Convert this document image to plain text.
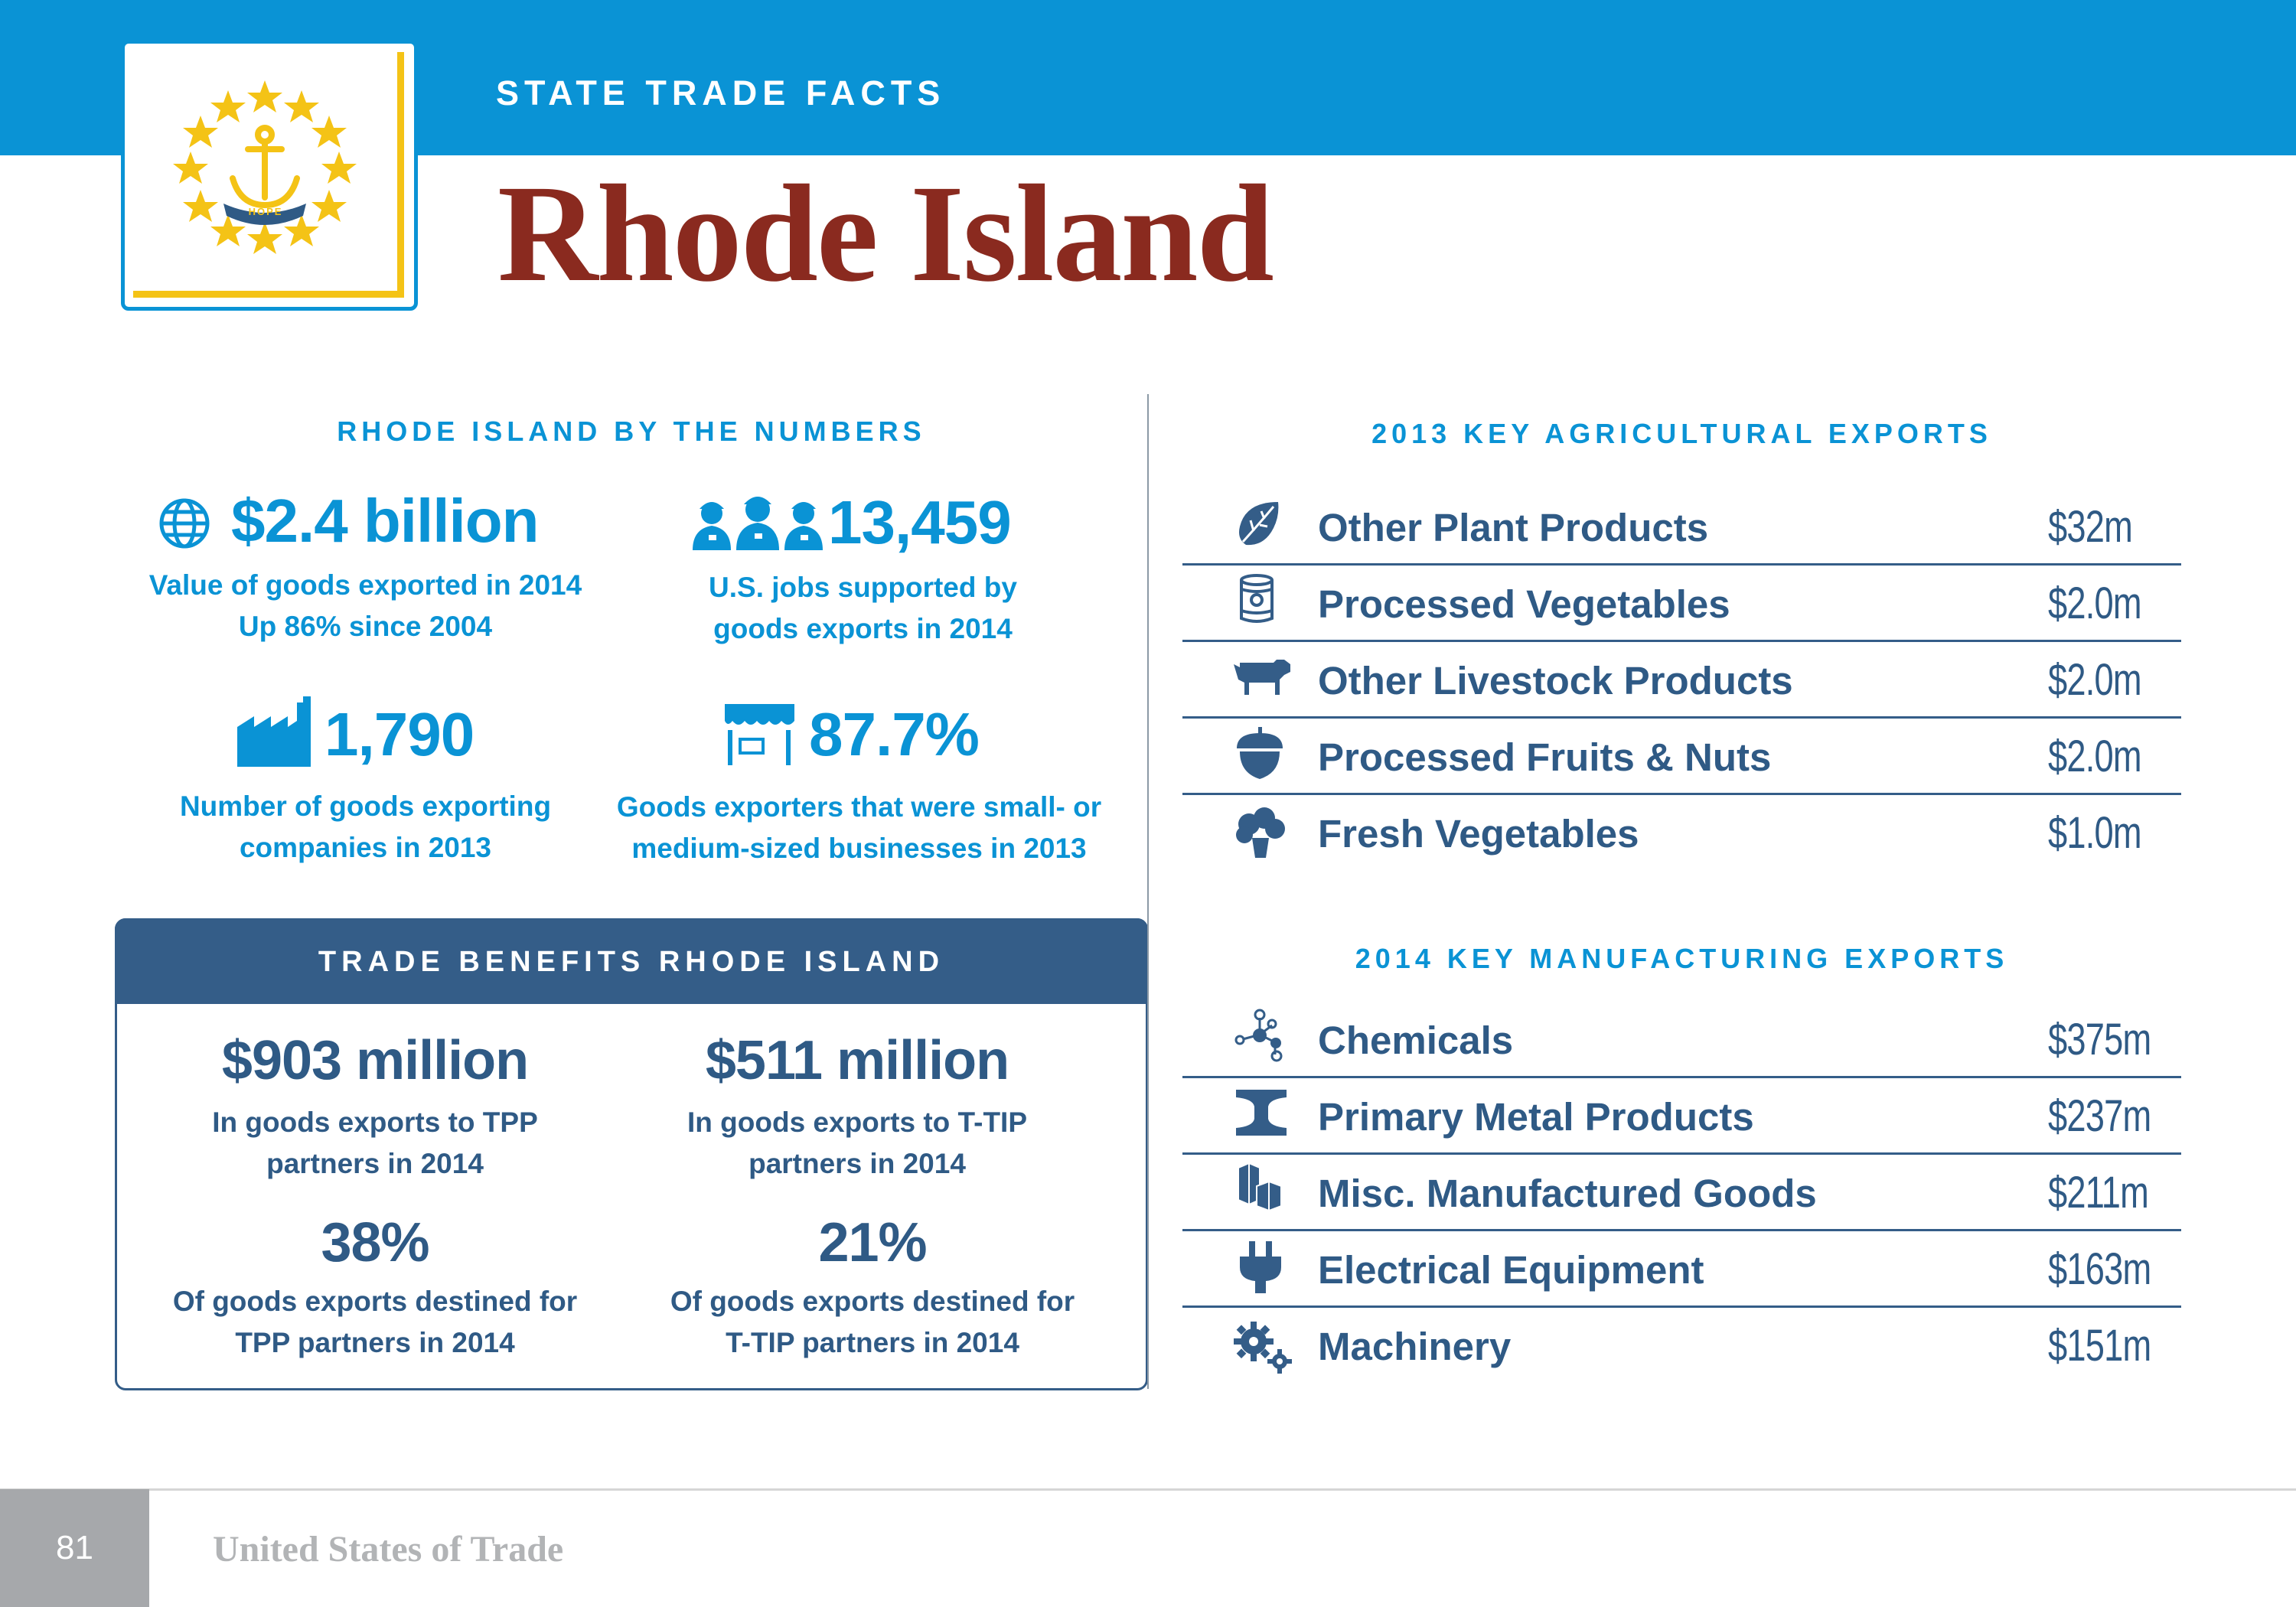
HOPE
STATE TRADE FACTS
Rhode Island
RHODE ISLAND BY THE NUMBERS
$2.4 billion
Value of goods exported in 2014
Up 86% since 2004
13,459
U.S. jobs supported by
goods exports in 2014
1,790
Number of goods exporting
companies in 2013
87.7%
Goods exporters that were small- or
medium-sized businesses in 2013
TRADE BENEFITS RHODE ISLAND
$903 million
In goods exports to TPP
partners in 2014
$511 million
In goods exports to T-TIP
partners in 2014
38%
Of goods exports destined for
TPP partners in 2014
21%
Of goods exports destined for
T-TIP partners in 2014
2013 KEY AGRICULTURAL EXPORTS
Other Plant Products	$32m
Processed Vegetables	$2.0m
Other Livestock Products	$2.0m
Processed Fruits & Nuts	$2.0m
Fresh Vegetables	$1.0m
2014 KEY MANUFACTURING EXPORTS
Chemicals	$375m
Primary Metal Products	$237m
Misc. Manufactured Goods	$211m
Electrical Equipment	$163m
Machinery	$151m
81	United States of Trade
